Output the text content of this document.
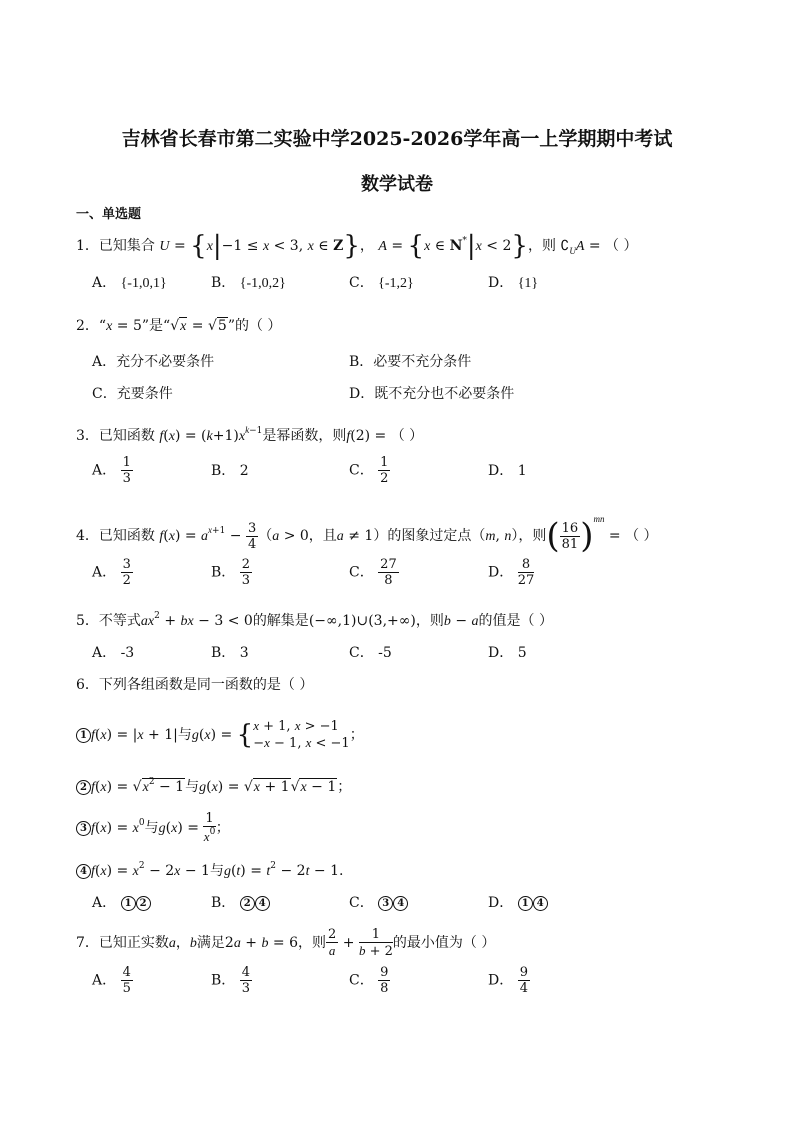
吉林省长春市第二实验中学2025-2026学年高一上学期期中考试
数学试卷
一、单选题
1．已知集合 U = {x|−1 ≤ x < 3, x ∈ Z}， A = {x ∈ N*|x < 2}，则 $∁_UA$ = （ ）
A． {-1,0,1}	B． {-1,0,2}	C． {-1,2}	D． {1}
2．“x = 5”是“√x = √5”的（ ）
A．充分不必要条件	B．必要不充分条件
C．充要条件	D．既不充分也不必要条件
3．已知函数 $f(x) = (k+1)x^{k-1}$是幂函数，则f(2) = （ ）
A． $\frac{1}{3}$	B． 2	C． $\frac{1}{2}$	D． 1
4．已知函数 $f(x) = a^{x+1} - \frac{3}{4} (a > 0$，且a ≠ 1）的图象过定点（m, n），则( $\frac{16}{81} )^{mn}$ = （ ）
A． $\frac{3}{2}$	B． $\frac{2}{3}$	C． $\frac{27}{8}$	D． $\frac{8}{27}$
5．不等式$ax^2$ + bx − 3 < 0的解集是(−∞,1)∪(3,+∞)，则b − a的值是（ ）
A． -3	B． 3	C． -5	D． 5
6．下列各组函数是同一函数的是（ ）
1 f(x) = |x + 1|与g(x) = { x + 1, x > −1
−x − 1, x < −1
；
2 $f(x) = √x^2 - 1$与g(x) = √x + 1√x − 1；
3 $f(x) = x^0$与$g(x) = \frac{1}{x^0}$ ；
4 $f(x) = x^2 - 2x - 1$与$g(t) = t^2 - 2t - 1$.
A． 1 2	B． 2 4	C． 3 4	D． 1 4
7．已知正实数a，b满足2a + b = 6，则 $\frac{2}{a} + \frac{1}{b + 2}$ 的最小值为（ ）
A． $\frac{4}{5}$	B． $\frac{4}{3}$	C． $\frac{9}{8}$	D． $\frac{9}{4}$
